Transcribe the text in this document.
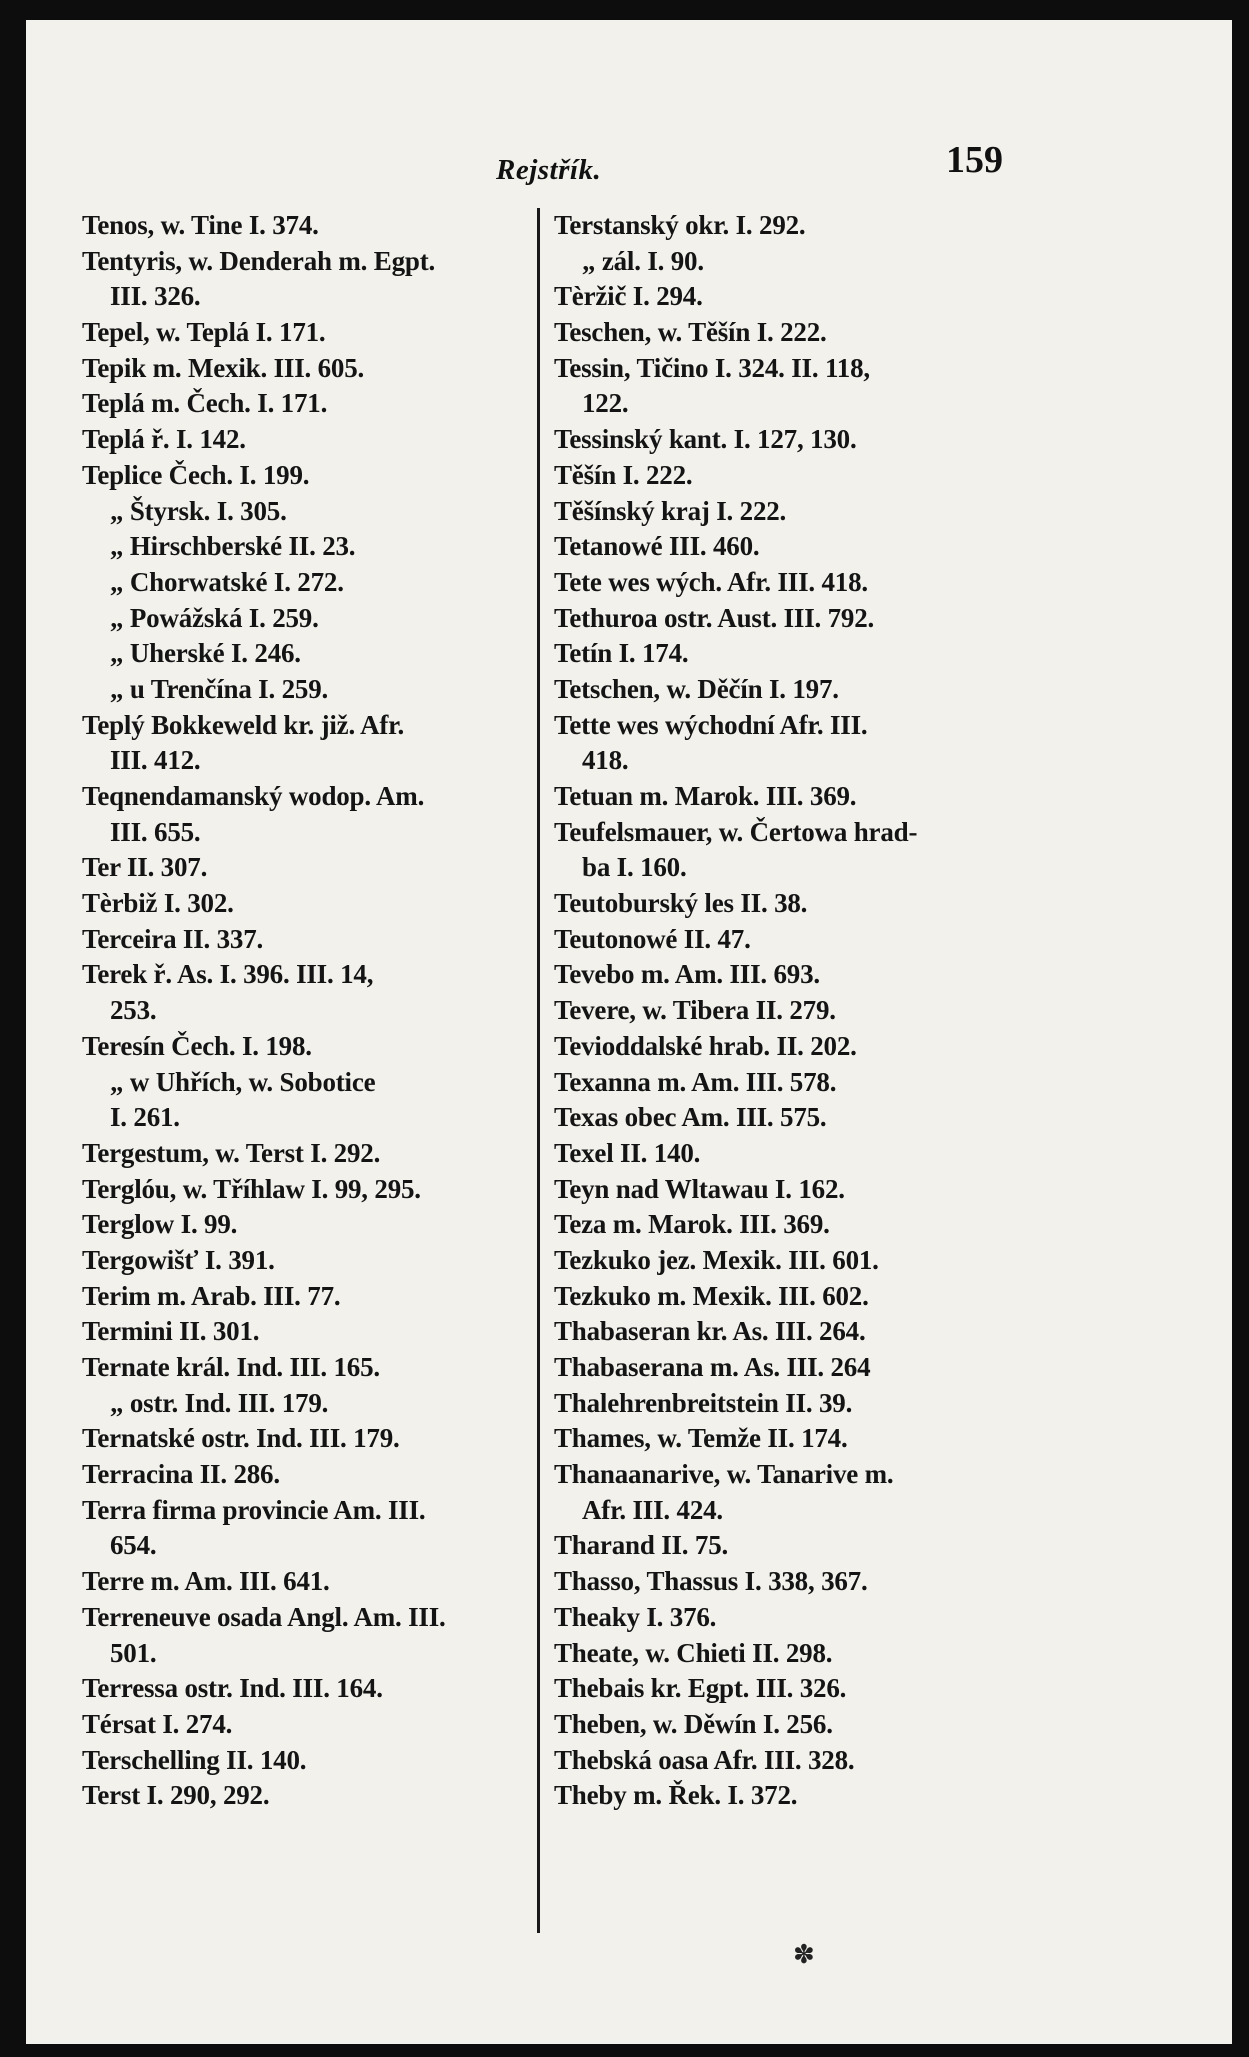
Rejstřík.	159
Tenos, w. Tine I. 374.
Tentyris, w. Denderah m. Egpt.
III. 326.
Tepel, w. Teplá I. 171.
Tepik m. Mexik. III. 605.
Teplá m. Čech. I. 171.
Teplá ř. I. 142.
Teplice Čech. I. 199.
„ Štyrsk. I. 305.
„ Hirschberské II. 23.
„ Chorwatské I. 272.
„ Powážská I. 259.
„ Uherské I. 246.
„ u Trenčína I. 259.
Teplý Bokkeweld kr. již. Afr.
III. 412.
Teqnendamanský wodop. Am.
III. 655.
Ter II. 307.
Tèrbiž I. 302.
Terceira II. 337.
Terek ř. As. I. 396. III. 14,
253.
Teresín Čech. I. 198.
„ w Uhřích, w. Sobotice
I. 261.
Tergestum, w. Terst I. 292.
Terglóu, w. Tříhlaw I. 99, 295.
Terglow I. 99.
Tergowišť I. 391.
Terim m. Arab. III. 77.
Termini II. 301.
Ternate král. Ind. III. 165.
„ ostr. Ind. III. 179.
Ternatské ostr. Ind. III. 179.
Terracina II. 286.
Terra firma provincie Am. III.
654.
Terre m. Am. III. 641.
Terreneuve osada Angl. Am. III.
501.
Terressa ostr. Ind. III. 164.
Térsat I. 274.
Terschelling II. 140.
Terst I. 290, 292.
Terstanský okr. I. 292.
„ zál. I. 90.
Tèržič I. 294.
Teschen, w. Těšín I. 222.
Tessin, Tičino I. 324. II. 118,
122.
Tessinský kant. I. 127, 130.
Těšín I. 222.
Těšínský kraj I. 222.
Tetanowé III. 460.
Tete wes wých. Afr. III. 418.
Tethuroa ostr. Aust. III. 792.
Tetín I. 174.
Tetschen, w. Děčín I. 197.
Tette wes wýchodní Afr. III.
418.
Tetuan m. Marok. III. 369.
Teufelsmauer, w. Čertowa hrad-
ba I. 160.
Teutoburský les II. 38.
Teutonowé II. 47.
Tevebo m. Am. III. 693.
Tevere, w. Tibera II. 279.
Tevioddalské hrab. II. 202.
Texanna m. Am. III. 578.
Texas obec Am. III. 575.
Texel II. 140.
Teyn nad Wltawau I. 162.
Teza m. Marok. III. 369.
Tezkuko jez. Mexik. III. 601.
Tezkuko m. Mexik. III. 602.
Thabaseran kr. As. III. 264.
Thabaserana m. As. III. 264
Thalehrenbreitstein II. 39.
Thames, w. Temže II. 174.
Thanaanarive, w. Tanarive m.
Afr. III. 424.
Tharand II. 75.
Thasso, Thassus I. 338, 367.
Theaky I. 376.
Theate, w. Chieti II. 298.
Thebais kr. Egpt. III. 326.
Theben, w. Děwín I. 256.
Thebská oasa Afr. III. 328.
Theby m. Řek. I. 372.
✽
